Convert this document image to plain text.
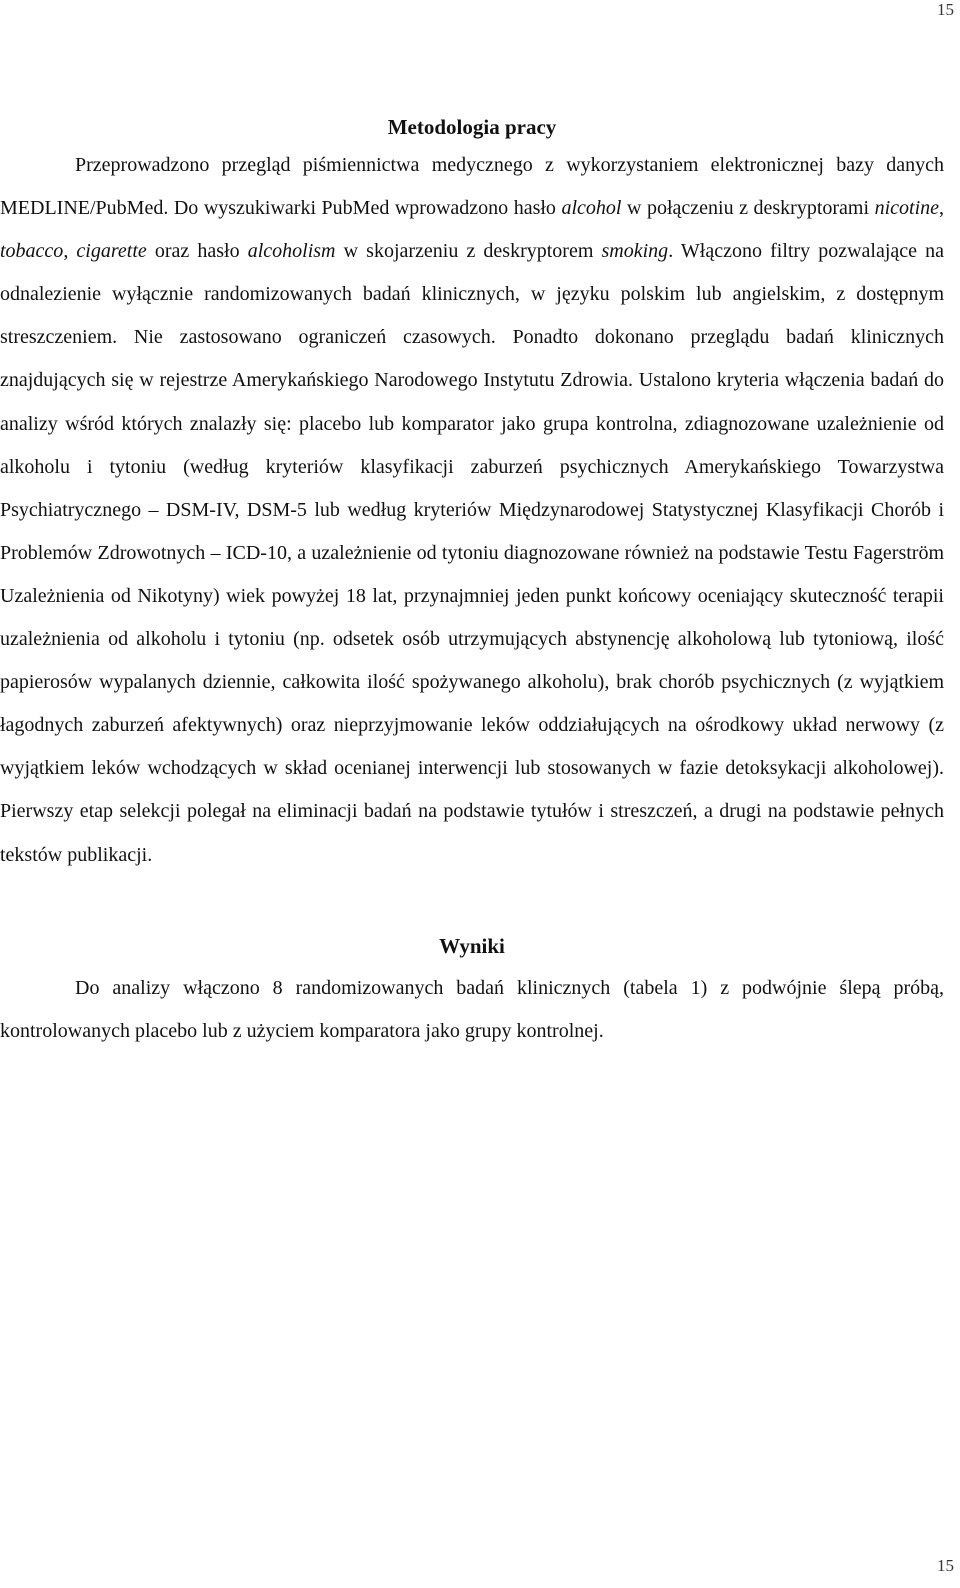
15
Metodologia pracy

Przeprowadzono przegląd piśmiennictwa medycznego z wykorzystaniem elektronicznej bazy danych MEDLINE/PubMed. Do wyszukiwarki PubMed wprowadzono hasło alcohol w połączeniu z deskryptorami nicotine, tobacco, cigarette oraz hasło alcoholism w skojarzeniu z deskryptorem smoking. Włączono filtry pozwalające na odnalezienie wyłącznie randomizowanych badań klinicznych, w języku polskim lub angielskim, z dostępnym streszczeniem. Nie zastosowano ograniczeń czasowych. Ponadto dokonano przeglądu badań klinicznych znajdujących się w rejestrze Amerykańskiego Narodowego Instytutu Zdrowia. Ustalono kryteria włączenia badań do analizy wśród których znalazły się: placebo lub komparator jako grupa kontrolna, zdiagnozowane uzależnienie od alkoholu i tytoniu (według kryteriów klasyfikacji zaburzeń psychicznych Amerykańskiego Towarzystwa Psychiatrycznego – DSM-IV, DSM-5 lub według kryteriów Międzynarodowej Statystycznej Klasyfikacji Chorób i Problemów Zdrowotnych – ICD-10, a uzależnienie od tytoniu diagnozowane również na podstawie Testu Fagerström Uzależnienia od Nikotyny) wiek powyżej 18 lat, przynajmniej jeden punkt końcowy oceniający skuteczność terapii uzależnienia od alkoholu i tytoniu (np. odsetek osób utrzymujących abstynencję alkoholową lub tytoniową, ilość papierosów wypalanych dziennie, całkowita ilość spożywanego alkoholu), brak chorób psychicznych (z wyjątkiem łagodnych zaburzeń afektywnych) oraz nieprzyjmowanie leków oddziałujących na ośrodkowy układ nerwowy (z wyjątkiem leków wchodzących w skład ocenianej interwencji lub stosowanych w fazie detoksykacji alkoholowej). Pierwszy etap selekcji polegał na eliminacji badań na podstawie tytułów i streszczeń, a drugi na podstawie pełnych tekstów publikacji.

Wyniki

Do analizy włączono 8 randomizowanych badań klinicznych (tabela 1) z podwójnie ślepą próbą, kontrolowanych placebo lub z użyciem komparatora jako grupy kontrolnej.

15
